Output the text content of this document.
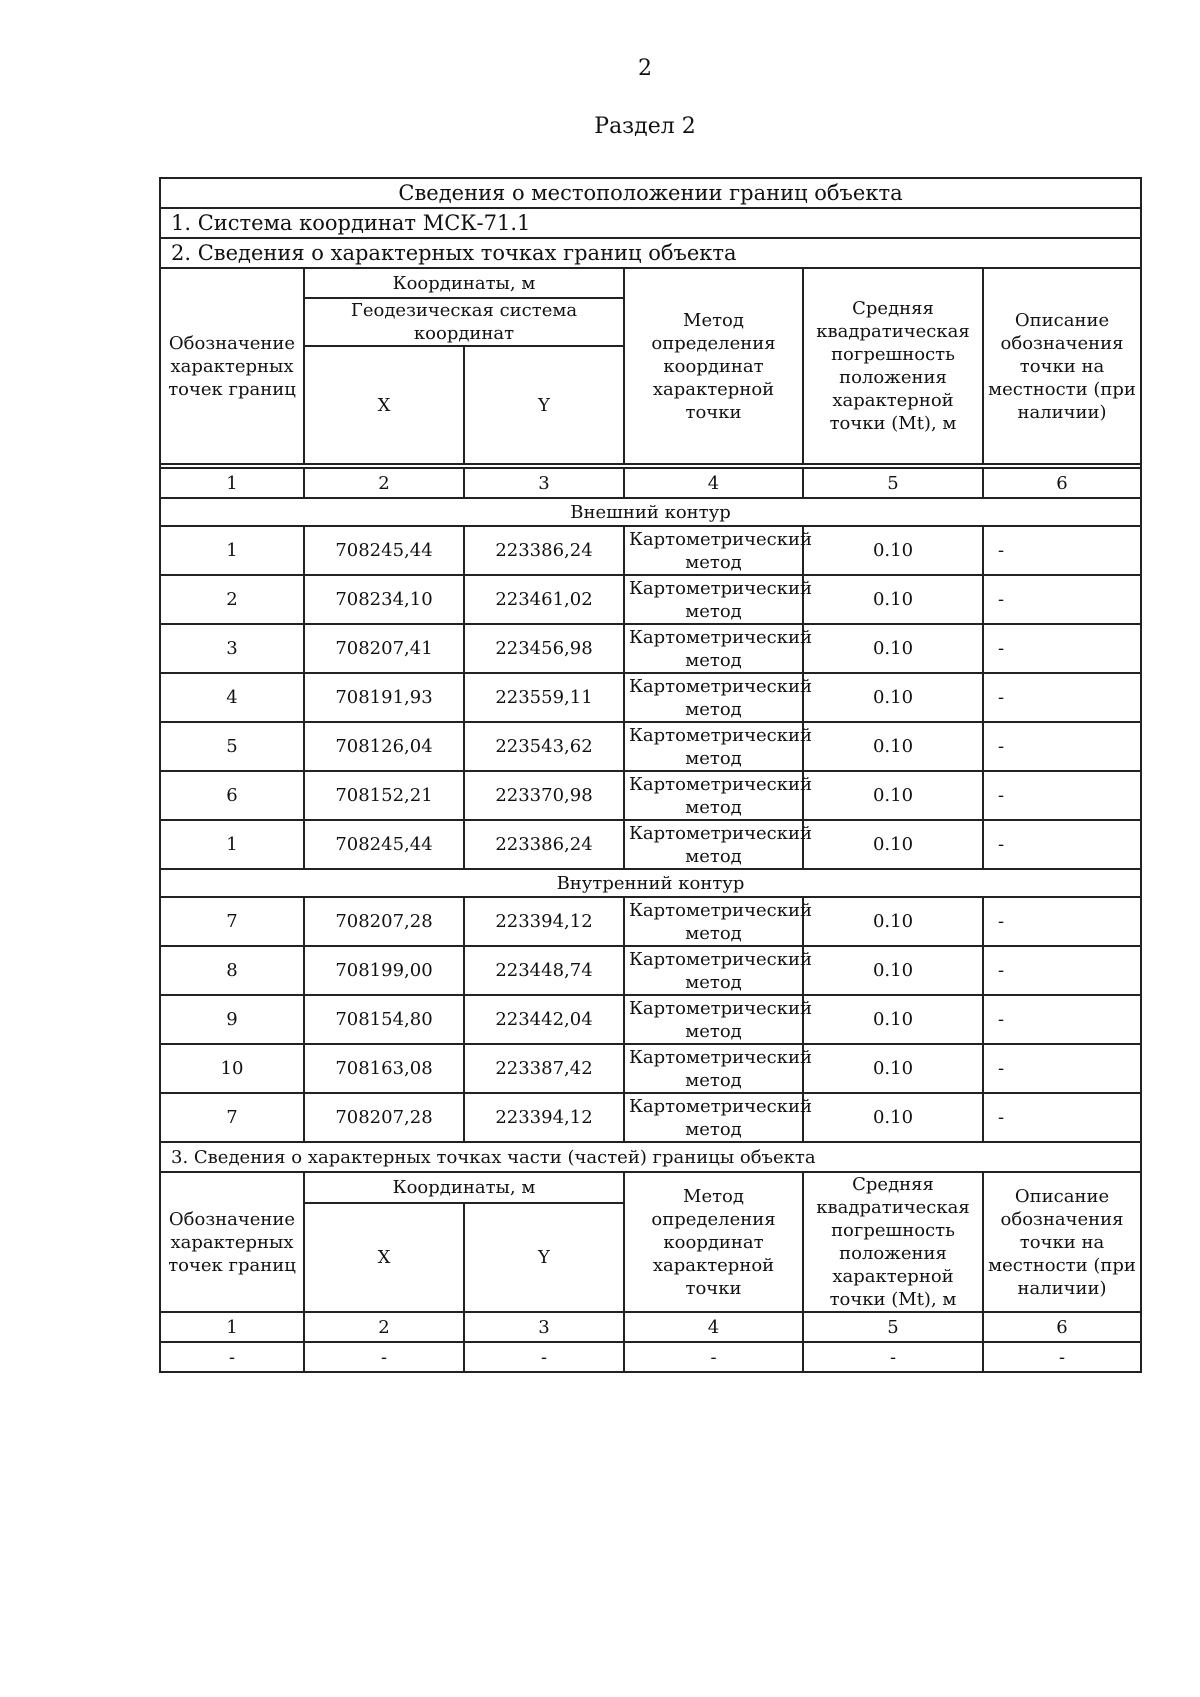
2
Раздел 2
Сведения о местоположении границ объекта					
1. Система координат МСК-71.1					
2. Сведения о характерных точках границ объекта					
Обозначение характерных точек границ	Координаты, м		Метод определения координат характерной точки	Средняя квадратическая погрешность положения характерной точки (Mt), м	Описание обозначения точки на местности (при наличии)
	Геодезическая система координат				
	X	Y			

1	2	3	4	5	6
Внешний контур					
1	708245,44	223386,24	Картометрический метод	0.10	-
2	708234,10	223461,02	Картометрический метод	0.10	-
3	708207,41	223456,98	Картометрический метод	0.10	-
4	708191,93	223559,11	Картометрический метод	0.10	-
5	708126,04	223543,62	Картометрический метод	0.10	-
6	708152,21	223370,98	Картометрический метод	0.10	-
1	708245,44	223386,24	Картометрический метод	0.10	-
Внутренний контур					
7	708207,28	223394,12	Картометрический метод	0.10	-
8	708199,00	223448,74	Картометрический метод	0.10	-
9	708154,80	223442,04	Картометрический метод	0.10	-
10	708163,08	223387,42	Картометрический метод	0.10	-
7	708207,28	223394,12	Картометрический метод	0.10	-
3. Сведения о характерных точках части (частей) границы объекта					
Обозначение характерных точек границ	Координаты, м		Метод определения координат характерной точки	Средняя квадратическая погрешность положения характерной точки (Mt), м	Описание обозначения точки на местности (при наличии)
	X	Y			
1	2	3	4	5	6
-	-	-	-	-	-
